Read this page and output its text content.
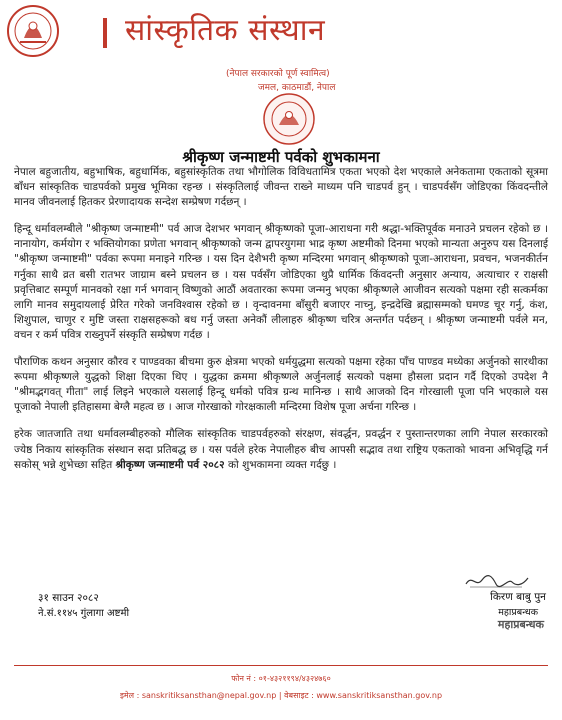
सांस्कृतिक संस्थान
(नेपाल सरकारको पूर्ण स्वामित्व)
जमल, काठमाडौं, नेपाल
श्रीकृष्ण जन्माष्टमी पर्वको शुभकामना

नेपाल बहुजातीय, बहुभाषिक, बहुधार्मिक, बहुसांस्कृतिक तथा भौगोलिक विविधतामित्र एकता भएको देश भएकाले अनेकतामा एकताको सूत्रमा बाँधन सांस्कृतिक चाडपर्वको प्रमुख भूमिका रहन्छ । संस्कृतिलाई जीवन्त राख्ने माध्यम पनि चाडपर्व हुन् । चाडपर्वसँग जोडिएका किंवदन्तीले मानव जीवनलाई हितकर प्रेरणादायक सन्देश सम्प्रेषण गर्दछन् ।

हिन्दू धर्मावलम्बीले "श्रीकृष्ण जन्माष्टमी" पर्व आज देशभर भगवान् श्रीकृष्णको पूजा-आराधना गरी श्रद्धा-भक्तिपूर्वक मनाउने प्रचलन रहेको छ । नानायोग, कर्मयोग र भक्तियोगका प्रणेता भगवान् श्रीकृष्णको जन्म द्वापरयुगमा भाद्र कृष्ण अष्टमीको दिनमा भएको मान्यता अनुरुप यस दिनलाई "श्रीकृष्ण जन्माष्टमी" पर्वका रूपमा मनाइने गरिन्छ । यस दिन देशैभरी कृष्ण मन्दिरमा भगवान् श्रीकृष्णको पूजा-आराधना, प्रवचन, भजनकीर्तन गर्नुका साथै व्रत बसी रातभर जाग्राम बस्ने प्रचलन छ । यस पर्वसँग जोडिएका थुप्रै धार्मिक किंवदन्ती अनुसार अन्याय, अत्याचार र राक्षसी प्रवृत्तिबाट सम्पूर्ण मानवको रक्षा गर्न भगवान् विष्णुको आठौं अवतारका रूपमा जन्मनु भएका श्रीकृष्णले आजीवन सत्यको पक्षमा रही सत्कर्मका लागि मानव समुदायलाई प्रेरित गरेको जनविश्वास रहेको छ । वृन्दावनमा बाँसुरी बजाएर नाच्नु, इन्द्रदेखि ब्रह्मासम्मको घमण्ड चूर गर्नु, कंश, शिशुपाल, चाणुर र मुष्टि जस्ता राक्षसहरूको बध गर्नु जस्ता अनेकौं लीलाहरु श्रीकृष्ण चरित्र अन्तर्गत पर्दछन् । श्रीकृष्ण जन्माष्टमी पर्वले मन, वचन र कर्म पवित्र राख्नुपर्ने संस्कृति सम्प्रेषण गर्दछ ।

पौराणिक कथन अनुसार कौरव र पाण्डवका बीचमा कुरु क्षेत्रमा भएको धर्मयुद्धमा सत्यको पक्षमा रहेका पाँच पाण्डव मध्येका अर्जुनको सारथीका रूपमा श्रीकृष्णले युद्धको शिक्षा दिएका थिए । युद्धका क्रममा श्रीकृष्णले अर्जुनलाई सत्यको पक्षमा हौसला प्रदान गर्दै दिएको उपदेश नै "श्रीमद्भगवत् गीता" लाई लिइने भएकाले यसलाई हिन्दू धर्मको पवित्र ग्रन्थ मानिन्छ । साथै आजको दिन गोरखाली पूजा पनि भएकाले यस पूजाको नेपाली इतिहासमा बेग्लै महत्व छ । आज गोरखाको गोरक्षकाली मन्दिरमा विशेष पूजा अर्चना गरिन्छ ।

हरेक जातजाति तथा धर्मावलम्बीहरुको मौलिक सांस्कृतिक चाडपर्वहरुको संरक्षण, संवर्द्धन, प्रवर्द्धन र पुस्तान्तरणका लागि नेपाल सरकारको ज्येष्ठ निकाय सांस्कृतिक संस्थान सदा प्रतिबद्ध छ । यस पर्वले हरेक नेपालीहरु बीच आपसी सद्भाव तथा राष्ट्रिय एकताको भावना अभिवृद्धि गर्न सकोस् भन्ने शुभेच्छा सहित श्रीकृष्ण जन्माष्टमी पर्व २०८२ को शुभकामना व्यक्त गर्दछु ।

३१ साउन २०८२
ने.सं.११४५ गुंलागा अष्टमी
किरण बाबु पुन
महाप्रबन्धक
महाप्रबन्धक
फोन नं : ०१-४३२११९४/४३२४७६०
इमेल : sanskritiksansthan@nepal.gov.np | वेबसाइट : www.sanskritiksansthan.gov.np
